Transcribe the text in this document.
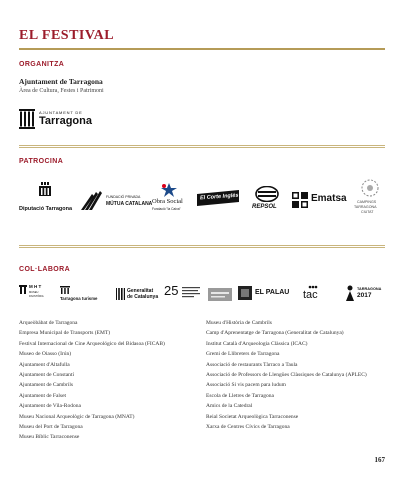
EL FESTIVAL
ORGANITZA
Ajuntament de Tarragona
Àrea de Cultura, Festes i Patrimoni
AJUNTAMENT DE
Tarragona
PATROCINA
Diputació Tarragona
FUNDACIÓ PRIVADA
MÚTUA CATALANA Obra Social
Fundació "la Caixa"
El Corte Inglés
REPSOL
Ematsa	CAMPINGS
TARRAGONA
CIUTAT
COL·LABORA
M H T
MUSEU
D'HISTÒRIA	Tarragona turisme
Generalitat
de Catalunya 25	EL PALAU tac	TARRAGONA
2017
Arqueòbàbat de Tarragona
Empresa Municipal de Transports (EMT)
Festival Internacional de Cine Arqueológico del Bidasoa (FICAB)
Museo de Oiasso (Irún)
Ajuntament d'Altafulla
Ajuntament de Constantí
Ajuntament de Cambrils
Ajuntament de Falset
Ajuntament de Vila-Rodona
Museu Nacional Arqueològic de Tarragona (MNAT)
Museu del Port de Tarragona
Museu Bíblic Tarraconense
Museu d'Història de Cambrils
Camp d'Aprenentatge de Tarragona (Generalitat de Catalunya)
Institut Català d'Arqueologia Clàssica (ICAC)
Gremi de Llibreters de Tarragona
Associació de restaurants Tàrraco a Taula
Associació de Professors de Llengües Clàssiques de Catalunya (APLEC)
Associació Si vis pacem para ludum
Escola de Lletres de Tarragona
Amics de la Catedral
Reial Societat Arqueològica Tarraconense
Xarxa de Centres Cívics de Tarragona
167
